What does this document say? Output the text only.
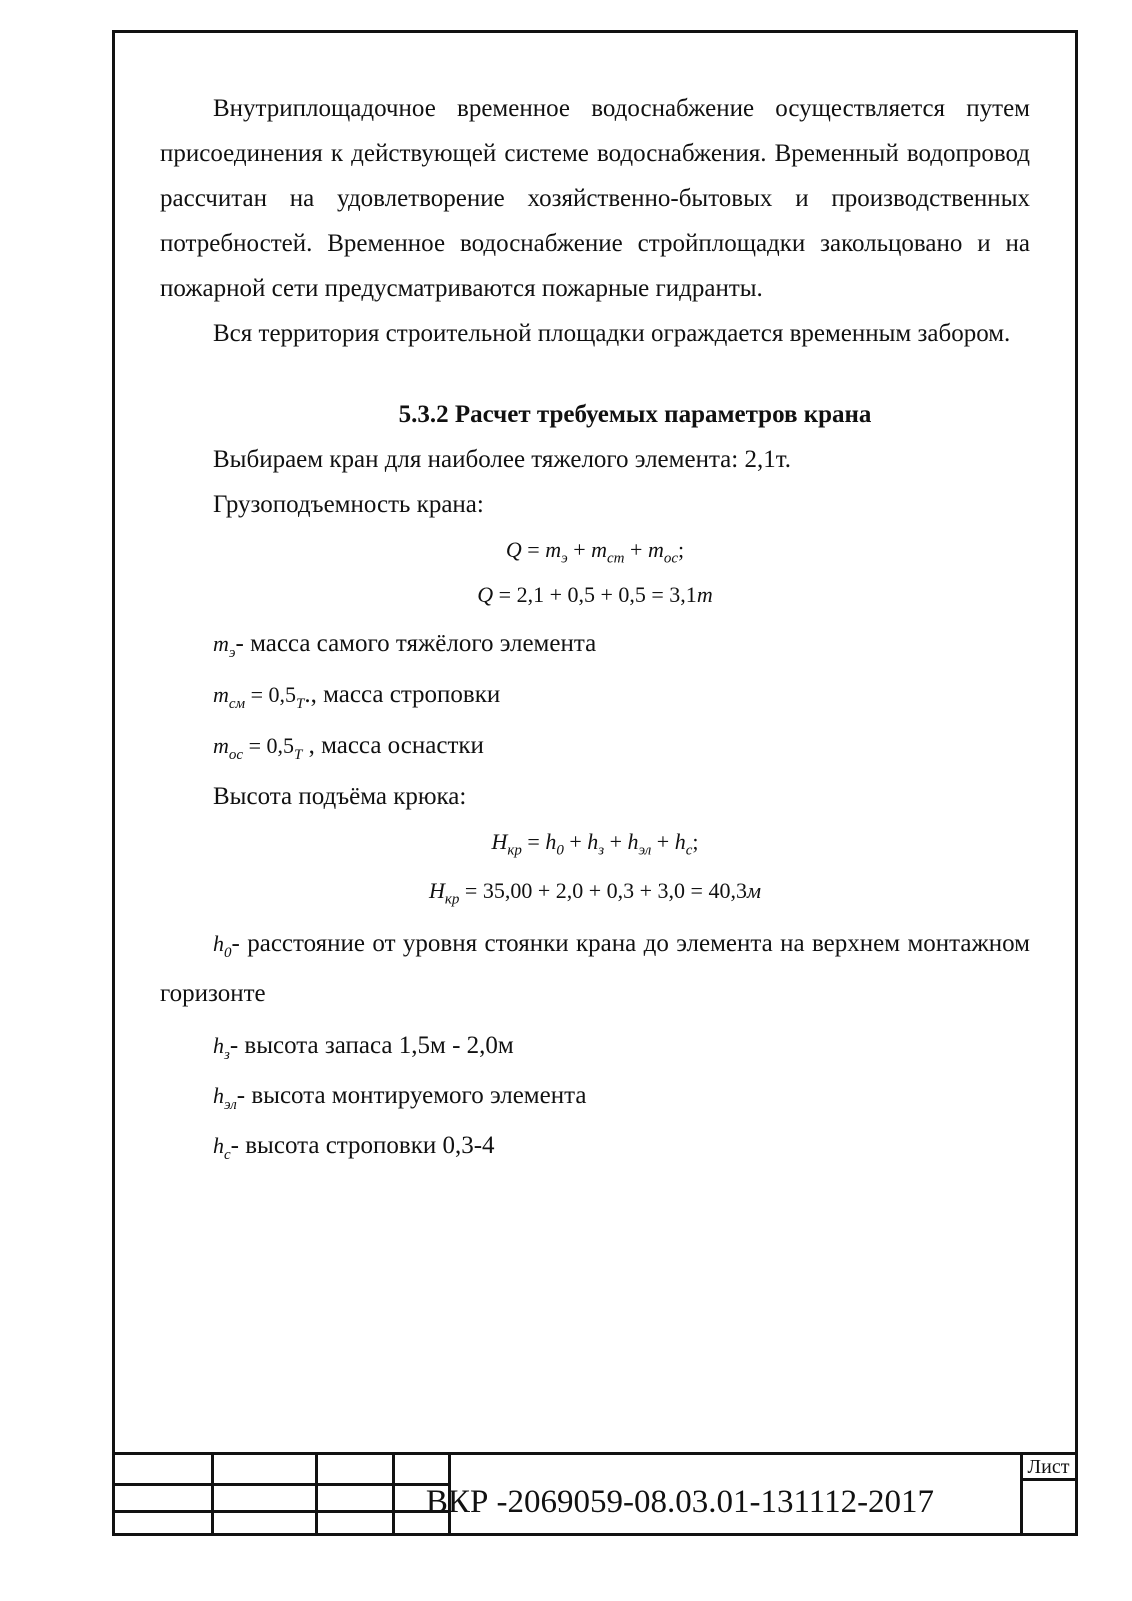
Внутриплощадочное временное водоснабжение осуществляется путем присоединения к действующей системе водоснабжения. Временный водопровод рассчитан на удовлетворение хозяйственно-бытовых и производственных потребностей. Временное водоснабжение стройплощадки закольцовано и на пожарной сети предусматриваются пожарные гидранты.

Вся территория строительной площадки ограждается временным забором.

5.3.2 Расчет требуемых параметров крана

Выбираем кран для наиболее тяжелого элемента: 2,1т.

Грузоподъемность крана:

$Q = m_э + m_{ст} + m_{ос}$;

Q = 2,1 + 0,5 + 0,5 = 3,1т

$m_э-$ масса самого тяжёлого элемента

$m_{см} = 0,5_Т$., масса строповки

$m_{ос} = 0,5_Т$ , масса оснастки

Высота подъёма крюка:

$H_{кр} = h_0 + h_з + h_{эл} + h_с$;

$H_{кр} = 35,00 + 2,0 + 0,3 + 3,0 = 40,3м$

$h_0-$ расстояние от уровня стоянки крана до элемента на верхнем монтажном горизонте

$h_з-$ высота запаса 1,5м - 2,0м

$h_{эл}-$ высота монтируемого элемента

$h_с-$ высота строповки 0,3-4

ВКР -2069059-08.03.01-131112-2017
Лист
